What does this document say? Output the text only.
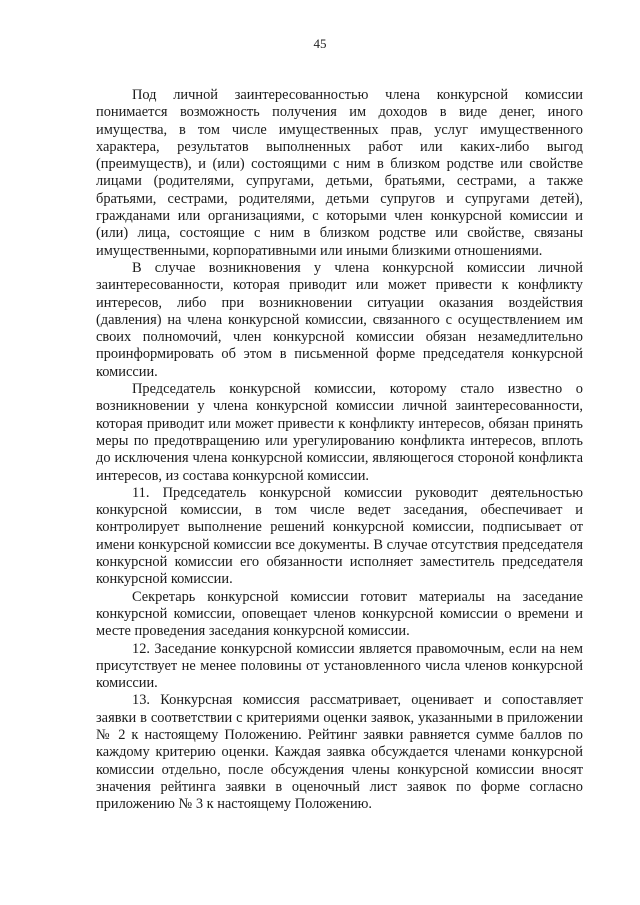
45

Под личной заинтересованностью члена конкурсной комиссии понимается возможность получения им доходов в виде денег, иного имущества, в том числе имущественных прав, услуг имущественного характера, результатов выполненных работ или каких-либо выгод (преимуществ), и (или) состоящими с ним в близком родстве или свойстве лицами (родителями, супругами, детьми, братьями, сестрами, а также братьями, сестрами, родителями, детьми супругов и супругами детей), гражданами или организациями, с которыми член конкурсной комиссии и (или) лица, состоящие с ним в близком родстве или свойстве, связаны имущественными, корпоративными или иными близкими отношениями.

В случае возникновения у члена конкурсной комиссии личной заинтересованности, которая приводит или может привести к конфликту интересов, либо при возникновении ситуации оказания воздействия (давления) на члена конкурсной комиссии, связанного с осуществлением им своих полномочий, член конкурсной комиссии обязан незамедлительно проинформировать об этом в письменной форме председателя конкурсной комиссии.

Председатель конкурсной комиссии, которому стало известно о возникновении у члена конкурсной комиссии личной заинтересованности, которая приводит или может привести к конфликту интересов, обязан принять меры по предотвращению или урегулированию конфликта интересов, вплоть до исключения члена конкурсной комиссии, являющегося стороной конфликта интересов, из состава конкурсной комиссии.

11. Председатель конкурсной комиссии руководит деятельностью конкурсной комиссии, в том числе ведет заседания, обеспечивает и контролирует выполнение решений конкурсной комиссии, подписывает от имени конкурсной комиссии все документы. В случае отсутствия председателя конкурсной комиссии его обязанности исполняет заместитель председателя конкурсной комиссии.

Секретарь конкурсной комиссии готовит материалы на заседание конкурсной комиссии, оповещает членов конкурсной комиссии о времени и месте проведения заседания конкурсной комиссии.

12. Заседание конкурсной комиссии является правомочным, если на нем присутствует не менее половины от установленного числа членов конкурсной комиссии.

13. Конкурсная комиссия рассматривает, оценивает и сопоставляет заявки в соответствии с критериями оценки заявок, указанными в приложении № 2 к настоящему Положению. Рейтинг заявки равняется сумме баллов по каждому критерию оценки. Каждая заявка обсуждается членами конкурсной комиссии отдельно, после обсуждения члены конкурсной комиссии вносят значения рейтинга заявки в оценочный лист заявок по форме согласно приложению № 3 к настоящему Положению.
